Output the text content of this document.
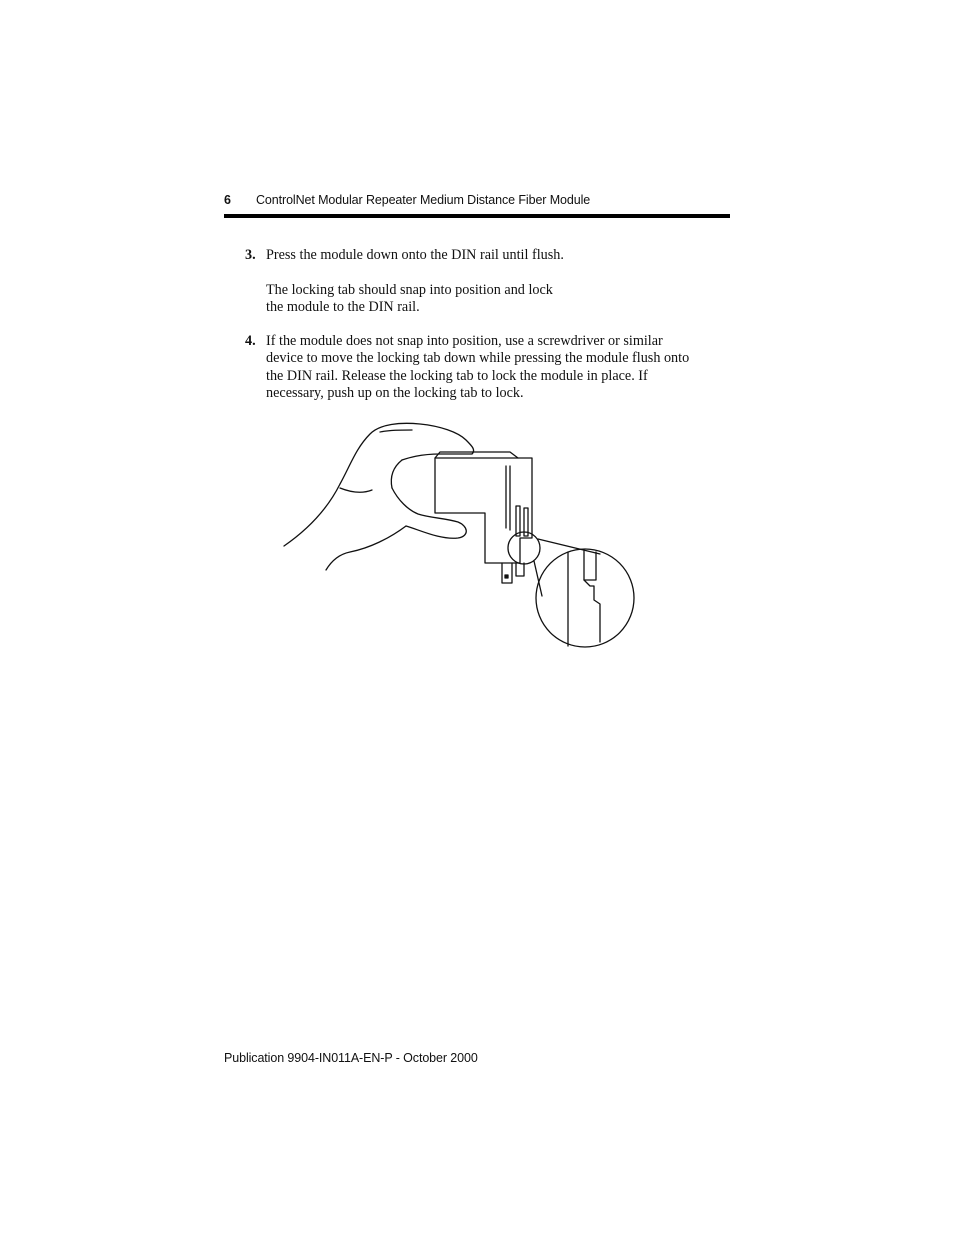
6 ControlNet Modular Repeater Medium Distance Fiber Module
3. Press the module down onto the DIN rail until flush.
The locking tab should snap into position and lock
the module to the DIN rail.
4. If the module does not snap into position, use a screwdriver or similar
device to move the locking tab down while pressing the module flush onto
the DIN rail. Release the locking tab to lock the module in place. If
necessary, push up on the locking tab to lock.
Publication 9904-IN011A-EN-P - October 2000
